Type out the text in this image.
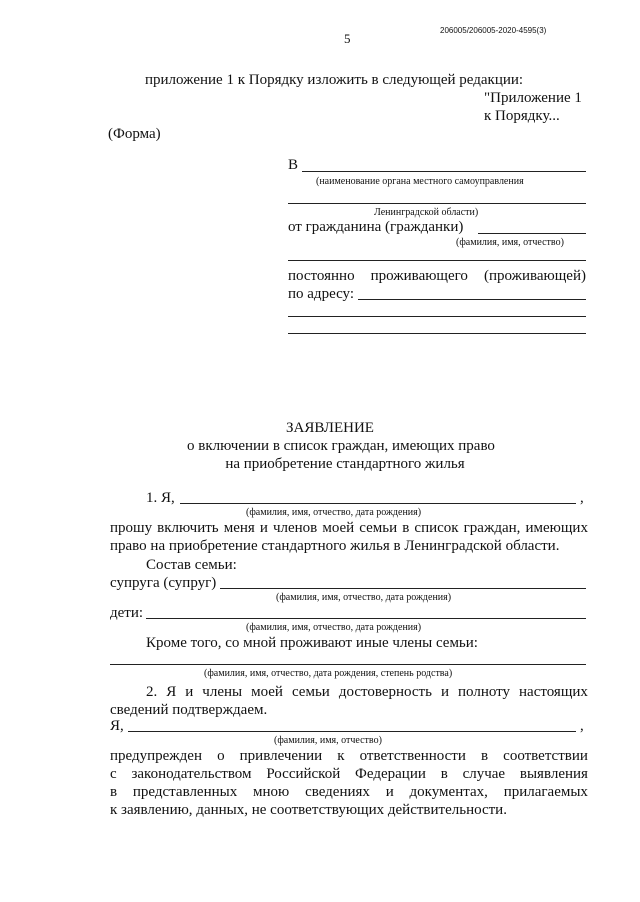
206005/206005-2020-4595(3)
5
приложение 1 к Порядку изложить в следующей редакции:
"Приложение 1
к Порядку...
(Форма)
В
(наименование органа местного самоуправления
Ленинградской области)
от гражданина (гражданки)
(фамилия, имя, отчество)
постоянно проживающего (проживающей)
по адресу:
ЗАЯВЛЕНИЕ
о включении в список граждан, имеющих право
на приобретение стандартного жилья
1. Я,	,
(фамилия, имя, отчество, дата рождения)
прошу включить меня и членов моей семьи в список граждан, имеющих
право на приобретение стандартного жилья в Ленинградской области.
Состав семьи:
супруга (супруг)
(фамилия, имя, отчество, дата рождения)
дети:
(фамилия, имя, отчество, дата рождения)
Кроме того, со мной проживают иные члены семьи:
(фамилия, имя, отчество, дата рождения, степень родства)
2. Я и члены моей семьи достоверность и полноту настоящих
сведений подтверждаем.
Я,	,
(фамилия, имя, отчество)
предупрежден о привлечении к ответственности в соответствии
с законодательством Российской Федерации в случае выявления
в представленных мною сведениях и документах, прилагаемых
к заявлению, данных, не соответствующих действительности.
